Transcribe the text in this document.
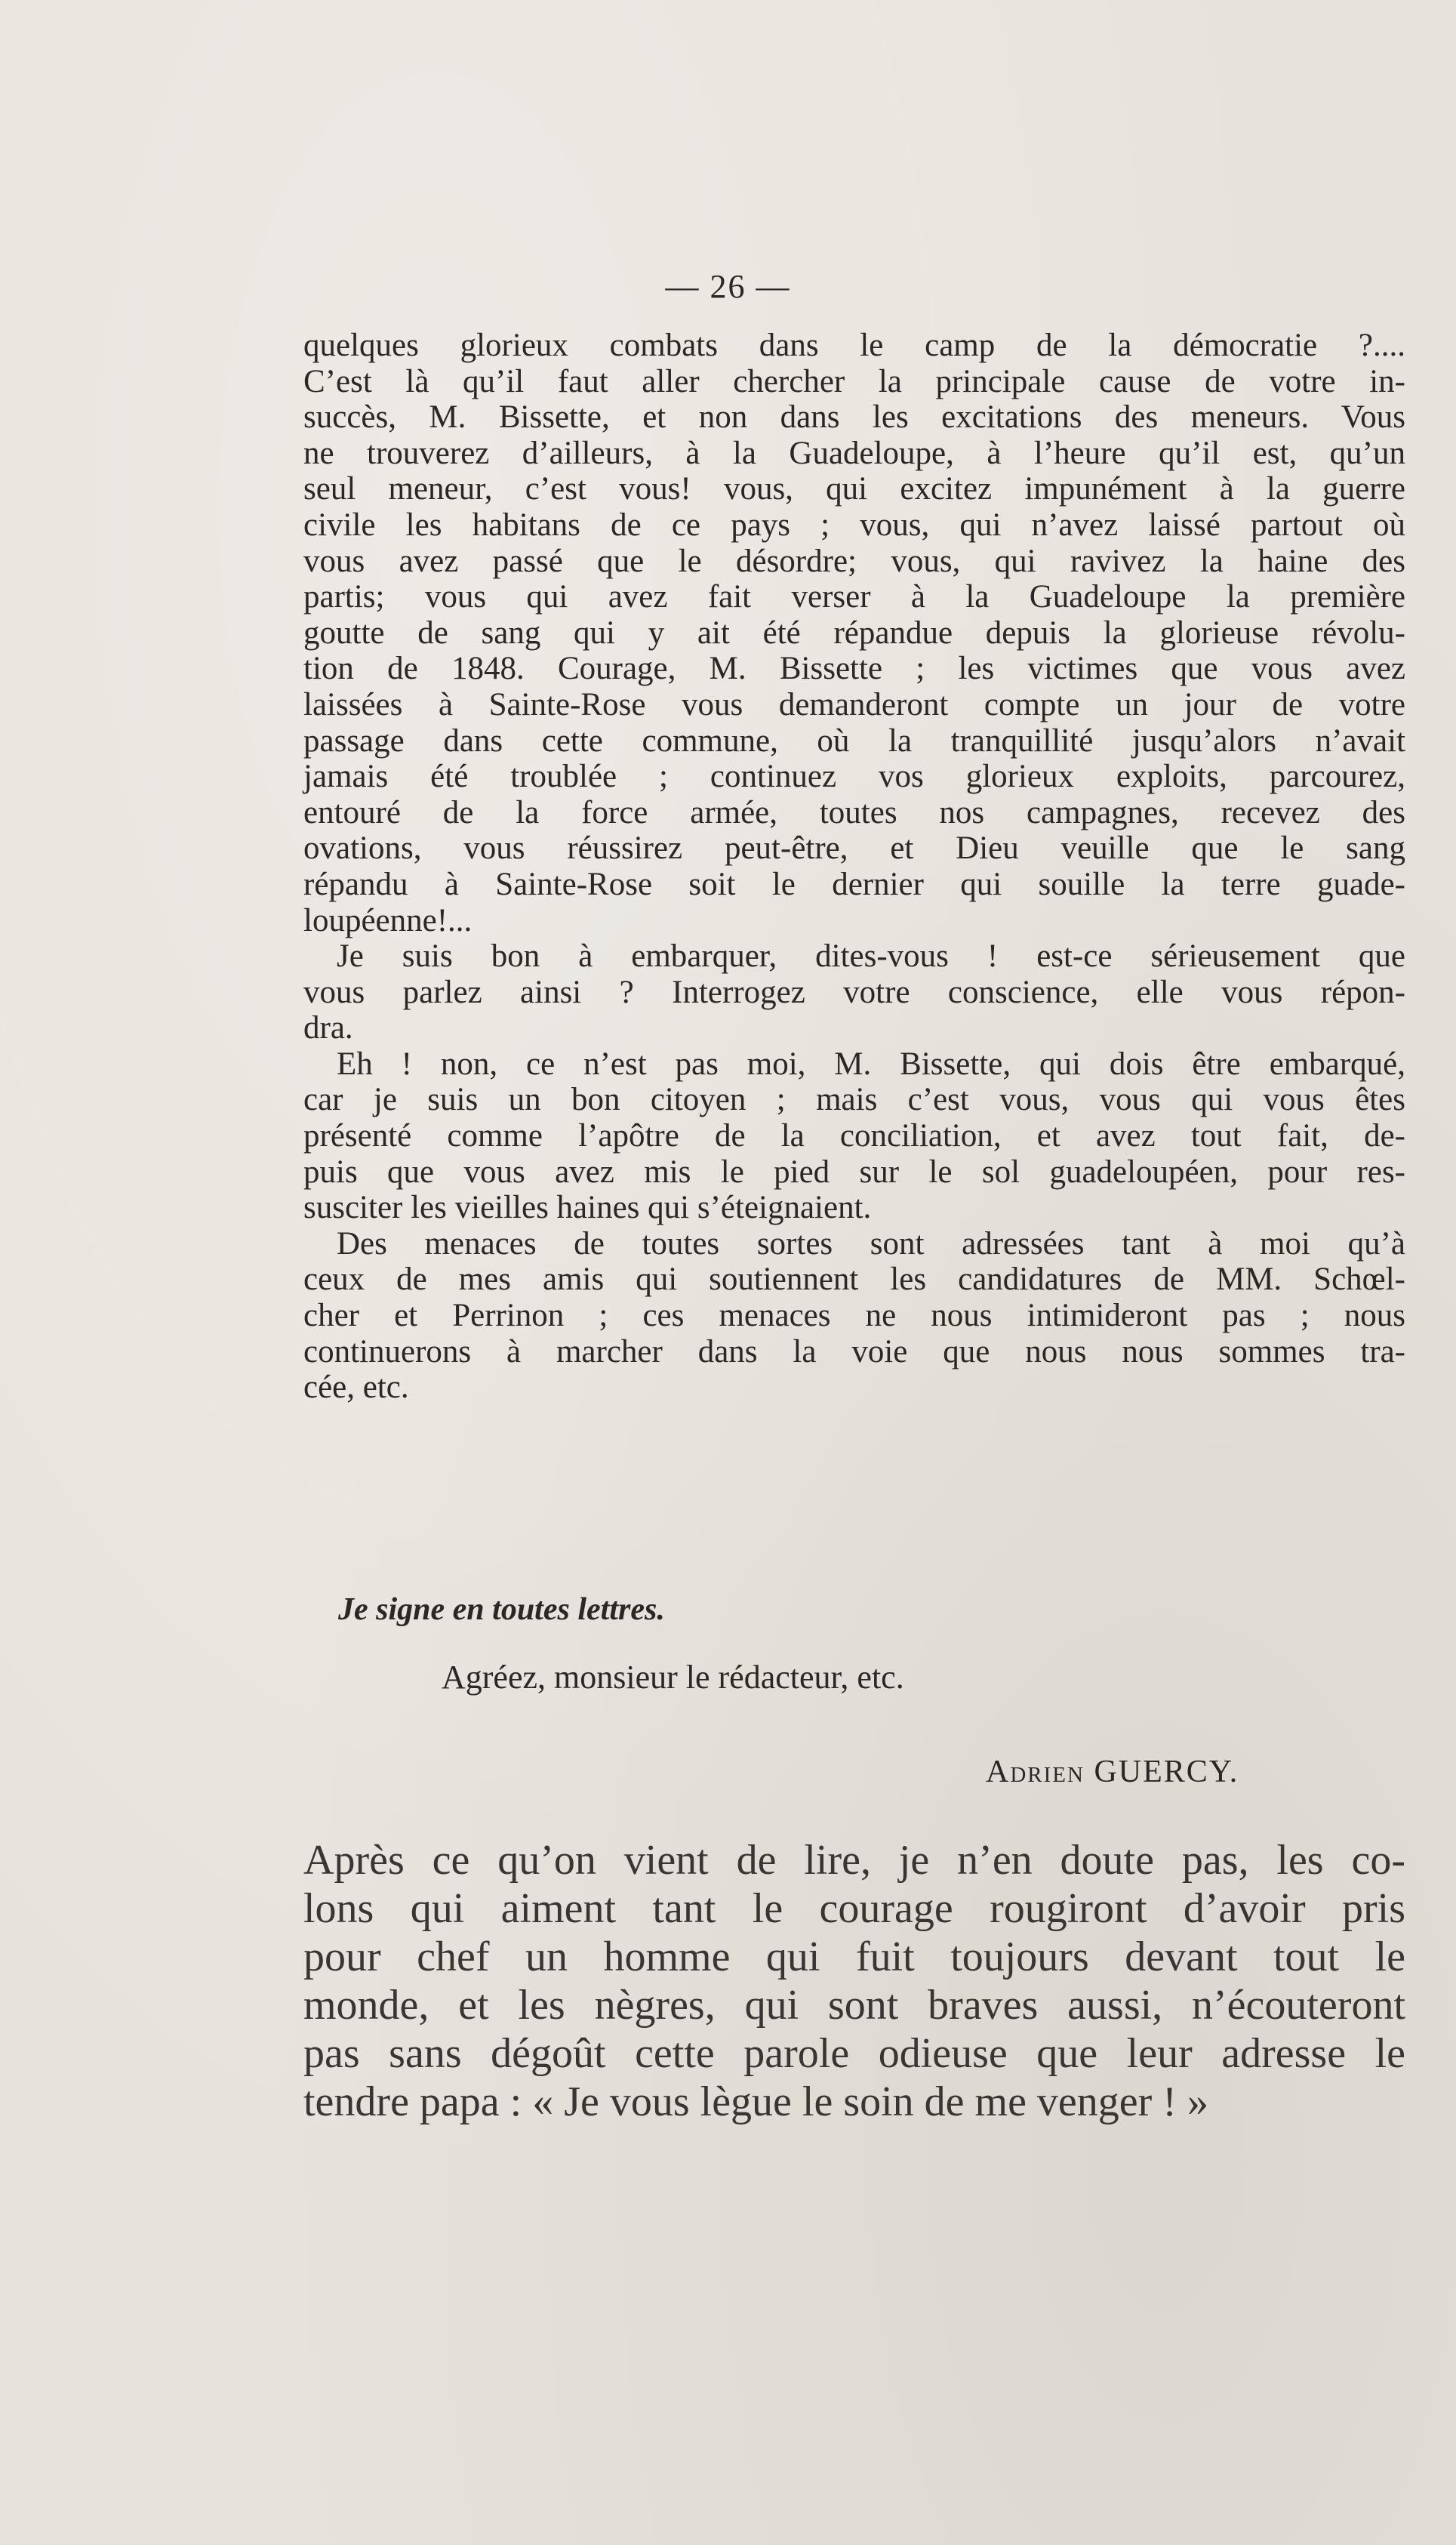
— 26 —
quelques glorieux combats dans le camp de la démocratie ?....
C’est là qu’il faut aller chercher la principale cause de votre in-
succès, M. Bissette, et non dans les excitations des meneurs. Vous
ne trouverez d’ailleurs, à la Guadeloupe, à l’heure qu’il est, qu’un
seul meneur, c’est vous! vous, qui excitez impunément à la guerre
civile les habitans de ce pays ; vous, qui n’avez laissé partout où
vous avez passé que le désordre; vous, qui ravivez la haine des
partis; vous qui avez fait verser à la Guadeloupe la première
goutte de sang qui y ait été répandue depuis la glorieuse révolu-
tion de 1848. Courage, M. Bissette ; les victimes que vous avez
laissées à Sainte-Rose vous demanderont compte un jour de votre
passage dans cette commune, où la tranquillité jusqu’alors n’avait
jamais été troublée ; continuez vos glorieux exploits, parcourez,
entouré de la force armée, toutes nos campagnes, recevez des
ovations, vous réussirez peut-être, et Dieu veuille que le sang
répandu à Sainte-Rose soit le dernier qui souille la terre guade-
loupéenne!...
Je suis bon à embarquer, dites-vous ! est-ce sérieusement que
vous parlez ainsi ? Interrogez votre conscience, elle vous répon-
dra.
Eh ! non, ce n’est pas moi, M. Bissette, qui dois être embarqué,
car je suis un bon citoyen ; mais c’est vous, vous qui vous êtes
présenté comme l’apôtre de la conciliation, et avez tout fait, de-
puis que vous avez mis le pied sur le sol guadeloupéen, pour res-
susciter les vieilles haines qui s’éteignaient.
Des menaces de toutes sortes sont adressées tant à moi qu’à
ceux de mes amis qui soutiennent les candidatures de MM. Schœl-
cher et Perrinon ; ces menaces ne nous intimideront pas ; nous
continuerons à marcher dans la voie que nous nous sommes tra-
cée, etc.
Je signe en toutes lettres.
Agréez, monsieur le rédacteur, etc.
Adrien GUERCY.
Après ce qu’on vient de lire, je n’en doute pas, les co-
lons qui aiment tant le courage rougiront d’avoir pris
pour chef un homme qui fuit toujours devant tout le
monde, et les nègres, qui sont braves aussi, n’écouteront
pas sans dégoût cette parole odieuse que leur adresse le
tendre papa : « Je vous lègue le soin de me venger ! »
